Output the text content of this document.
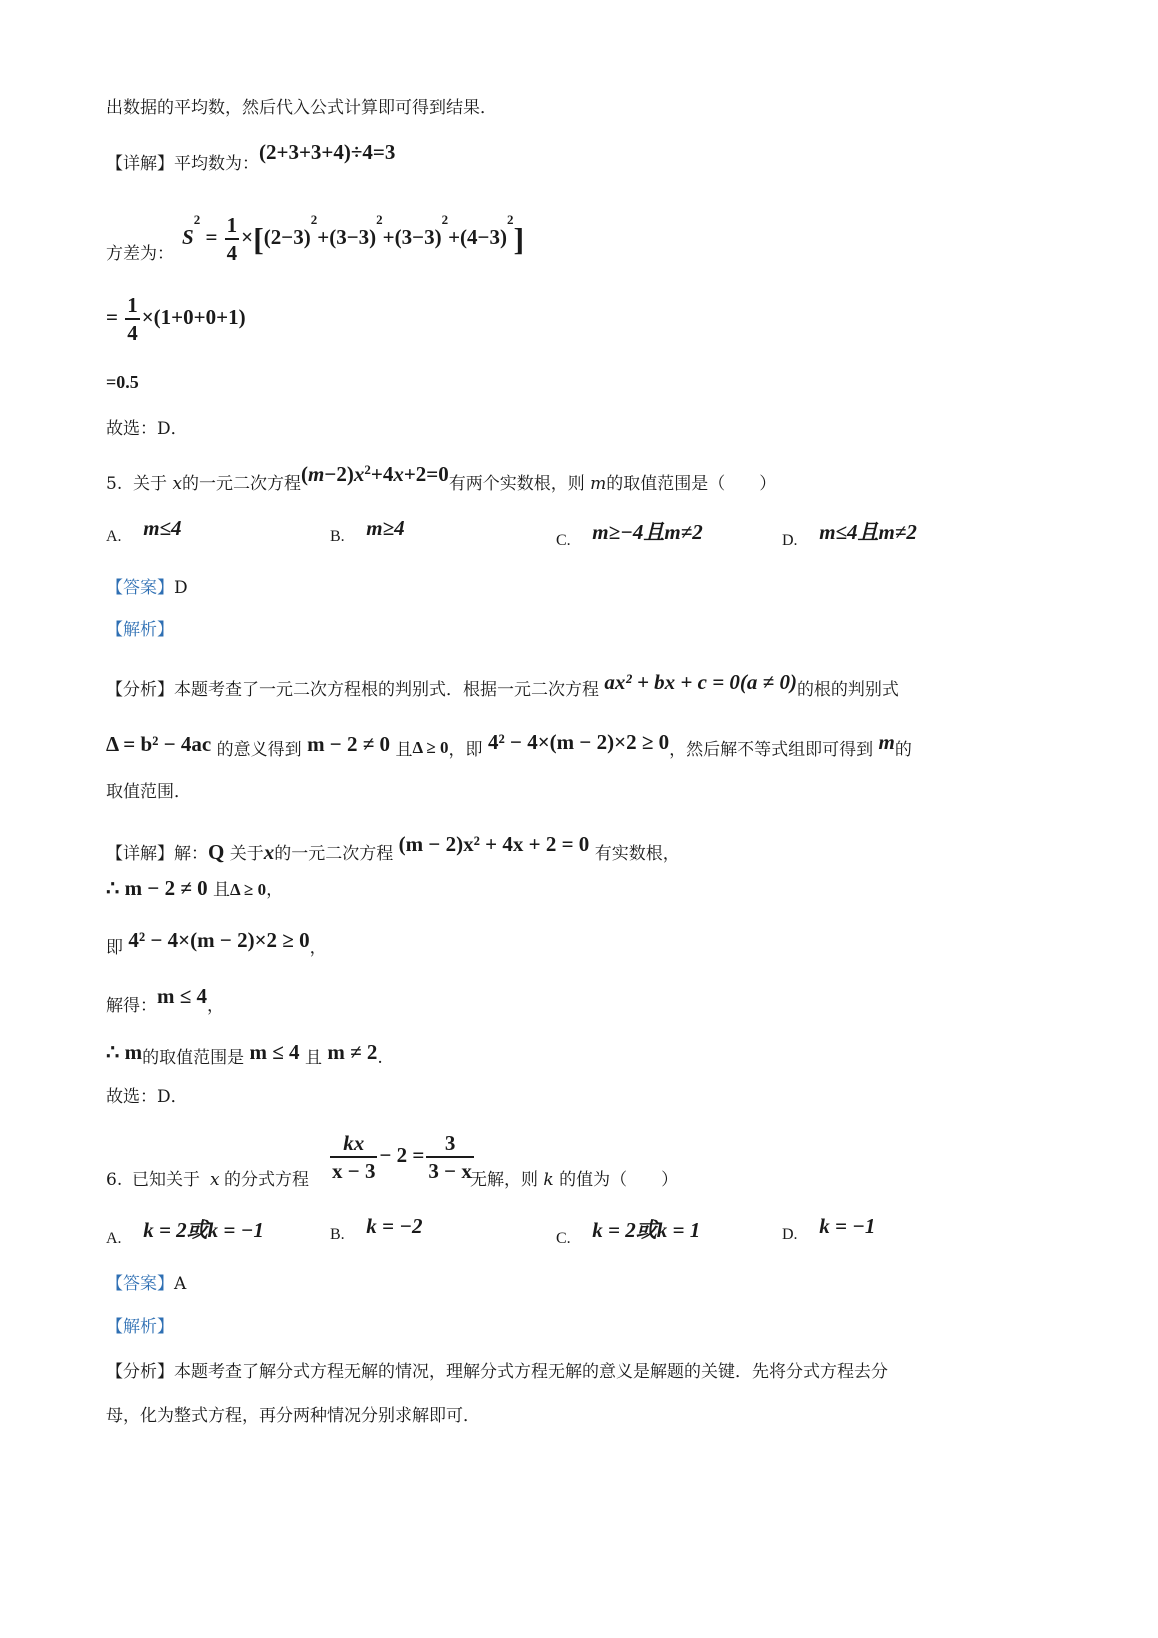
出数据的平均数，然后代入公式计算即可得到结果．
【详解】平均数为：(2+3+3+4)÷4=3
方差为：
$S^2 = \frac{1}{4} \times[(2-3)^2+(3-3)^2+(3-3)^2+(4-3)^2]$
= $\frac{1}{4} \times(1+0+0+1)$
=0.5
故选：D．
5. 关于 x的一元二次方程$(m-2)x^2+4x+2=0$有两个实数根，则 m的取值范围是（　　）
A. m≤4	B. m≥4
C. m≥−4且m≠2	D. m≤4且m≠2
【答案】D
【解析】
【分析】本题考查了一元二次方程根的判别式．根据一元二次方程 ax² + bx + c = 0(a ≠ 0)的根的判别式
Δ = b² − 4ac 的意义得到 m − 2 ≠ 0 且Δ ≥ 0，即 4² − 4×(m − 2)×2 ≥ 0，然后解不等式组即可得到 m的
取值范围．
【详解】解：Q 关于x的一元二次方程 (m − 2)x² + 4x + 2 = 0 有实数根，
∴ m − 2 ≠ 0 且Δ ≥ 0，
即 4² − 4×(m − 2)×2 ≥ 0，
解得：m ≤ 4，
∴ m的取值范围是 m ≤ 4 且 m ≠ 2.
故选：D．
6. 已知关于 x 的分式方程 $\frac{kx}{x - 3} - 2 = \frac{3}{3 - x}$
无解，则 k 的值为（　　）
A. k = 2或k = −1	B. k = −2
C. k = 2或k = 1	D. k = −1
【答案】A
【解析】
【分析】本题考查了解分式方程无解的情况，理解分式方程无解的意义是解题的关键．先将分式方程去分
母，化为整式方程，再分两种情况分别求解即可．
